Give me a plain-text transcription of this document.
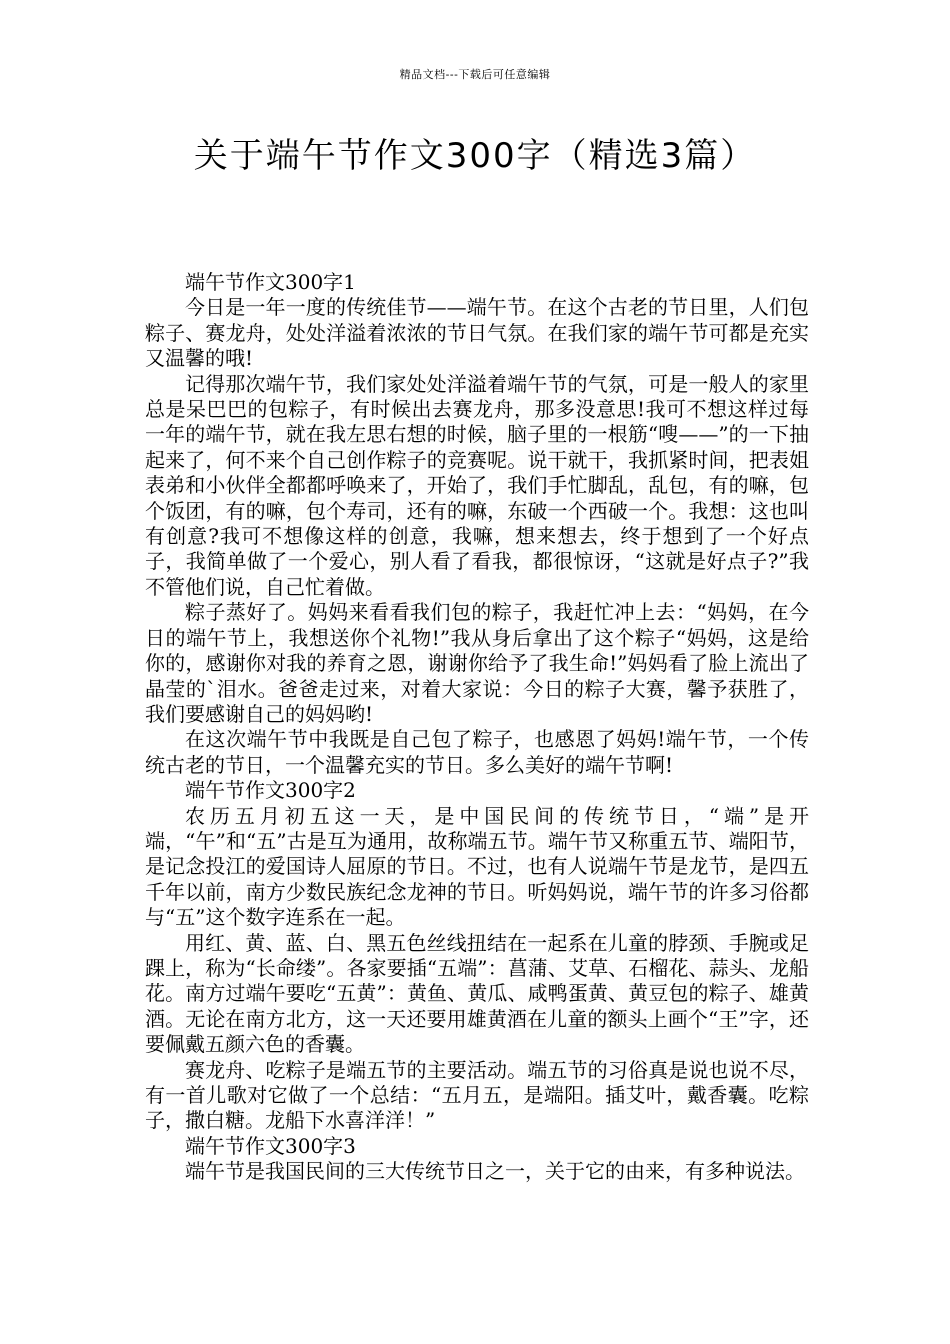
精品文档---下载后可任意编辑
关于端午节作文300字（精选3篇）

端午节作文300字1

今日是一年一度的传统佳节——端午节。在这个古老的节日里，人们包粽子、赛龙舟，处处洋溢着浓浓的节日气氛。在我们家的端午节可都是充实又温馨的哦!

记得那次端午节，我们家处处洋溢着端午节的气氛，可是一般人的家里总是呆巴巴的包粽子，有时候出去赛龙舟，那多没意思!我可不想这样过每一年的端午节，就在我左思右想的时候，脑子里的一根筋“嗖——”的一下抽起来了，何不来个自己创作粽子的竞赛呢。说干就干，我抓紧时间，把表姐表弟和小伙伴全都都呼唤来了，开始了，我们手忙脚乱，乱包，有的嘛，包个饭团，有的嘛，包个寿司，还有的嘛，东破一个西破一个。我想：这也叫有创意?我可不想像这样的创意，我嘛，想来想去，终于想到了一个好点子，我简单做了一个爱心，别人看了看我，都很惊讶，“这就是好点子?”我不管他们说，自己忙着做。

粽子蒸好了。妈妈来看看我们包的粽子，我赶忙冲上去：“妈妈，在今日的端午节上，我想送你个礼物!”我从身后拿出了这个粽子“妈妈，这是给你的，感谢你对我的养育之恩，谢谢你给予了我生命!”妈妈看了脸上流出了晶莹的`泪水。爸爸走过来，对着大家说：今日的粽子大赛，馨予获胜了，我们要感谢自己的妈妈哟!

在这次端午节中我既是自己包了粽子，也感恩了妈妈!端午节，一个传统古老的节日，一个温馨充实的节日。多么美好的端午节啊!

端午节作文300字2

农历五月初五这一天，是中国民间的传统节日，“端”是开端，“午”和“五”古是互为通用，故称端五节。端午节又称重五节、端阳节，是记念投江的爱国诗人屈原的节日。不过，也有人说端午节是龙节，是四五千年以前，南方少数民族纪念龙神的节日。听妈妈说，端午节的许多习俗都与“五”这个数字连系在一起。

用红、黄、蓝、白、黑五色丝线扭结在一起系在儿童的脖颈、手腕或足踝上，称为“长命缕”。各家要插“五端”：菖蒲、艾草、石榴花、蒜头、龙船花。南方过端午要吃“五黄”：黄鱼、黄瓜、咸鸭蛋黄、黄豆包的粽子、雄黄酒。无论在南方北方，这一天还要用雄黄酒在儿童的额头上画个“王”字，还要佩戴五颜六色的香囊。

赛龙舟、吃粽子是端五节的主要活动。端五节的习俗真是说也说不尽，有一首儿歌对它做了一个总结：“五月五，是端阳。插艾叶，戴香囊。吃粽子，撒白糖。龙船下水喜洋洋！”

端午节作文300字3

端午节是我国民间的三大传统节日之一，关于它的由来，有多种说法。
